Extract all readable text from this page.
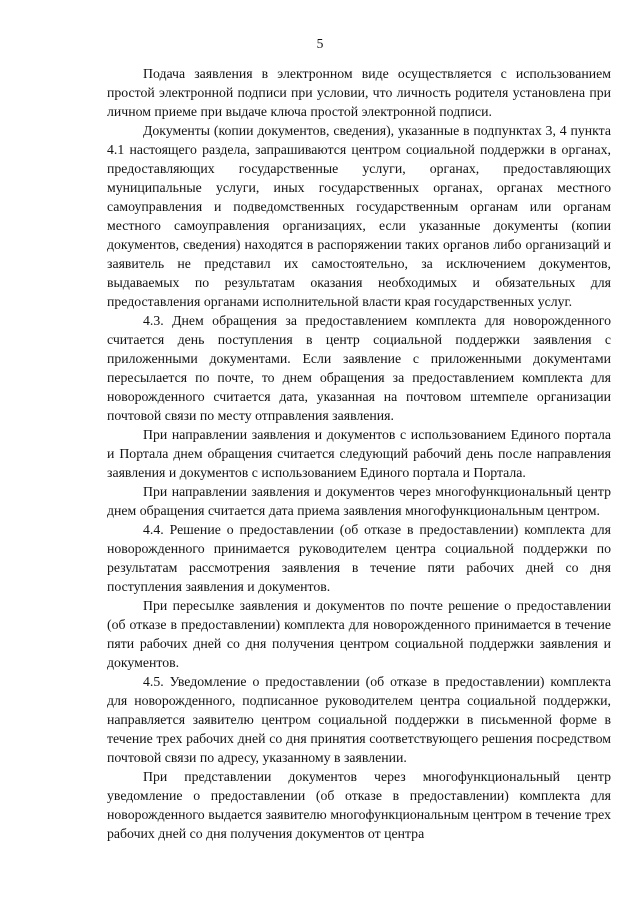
5

Подача заявления в электронном виде осуществляется с использованием простой электронной подписи при условии, что личность родителя установлена при личном приеме при выдаче ключа простой электронной подписи.

Документы (копии документов, сведения), указанные в подпунктах 3, 4 пункта 4.1 настоящего раздела, запрашиваются центром социальной поддержки в органах, предоставляющих государственные услуги, органах, предоставляющих муниципальные услуги, иных государственных органах, органах местного самоуправления и подведомственных государственным органам или органам местного самоуправления организациях, если указанные документы (копии документов, сведения) находятся в распоряжении таких органов либо организаций и заявитель не представил их самостоятельно, за исключением документов, выдаваемых по результатам оказания необходимых и обязательных для предоставления органами исполнительной власти края государственных услуг.

4.3. Днем обращения за предоставлением комплекта для новорожденного считается день поступления в центр социальной поддержки заявления с приложенными документами. Если заявление с приложенными документами пересылается по почте, то днем обращения за предоставлением комплекта для новорожденного считается дата, указанная на почтовом штемпеле организации почтовой связи по месту отправления заявления.

При направлении заявления и документов с использованием Единого портала и Портала днем обращения считается следующий рабочий день после направления заявления и документов с использованием Единого портала и Портала.

При направлении заявления и документов через многофункциональный центр днем обращения считается дата приема заявления многофункциональным центром.

4.4. Решение о предоставлении (об отказе в предоставлении) комплекта для новорожденного принимается руководителем центра социальной поддержки по результатам рассмотрения заявления в течение пяти рабочих дней со дня поступления заявления и документов.

При пересылке заявления и документов по почте решение о предоставлении (об отказе в предоставлении) комплекта для новорожденного принимается в течение пяти рабочих дней со дня получения центром социальной поддержки заявления и документов.

4.5. Уведомление о предоставлении (об отказе в предоставлении) комплекта для новорожденного, подписанное руководителем центра социальной поддержки, направляется заявителю центром социальной поддержки в письменной форме в течение трех рабочих дней со дня принятия соответствующего решения посредством почтовой связи по адресу, указанному в заявлении.

При представлении документов через многофункциональный центр уведомление о предоставлении (об отказе в предоставлении) комплекта для новорожденного выдается заявителю многофункциональным центром в течение трех рабочих дней со дня получения документов от центра
